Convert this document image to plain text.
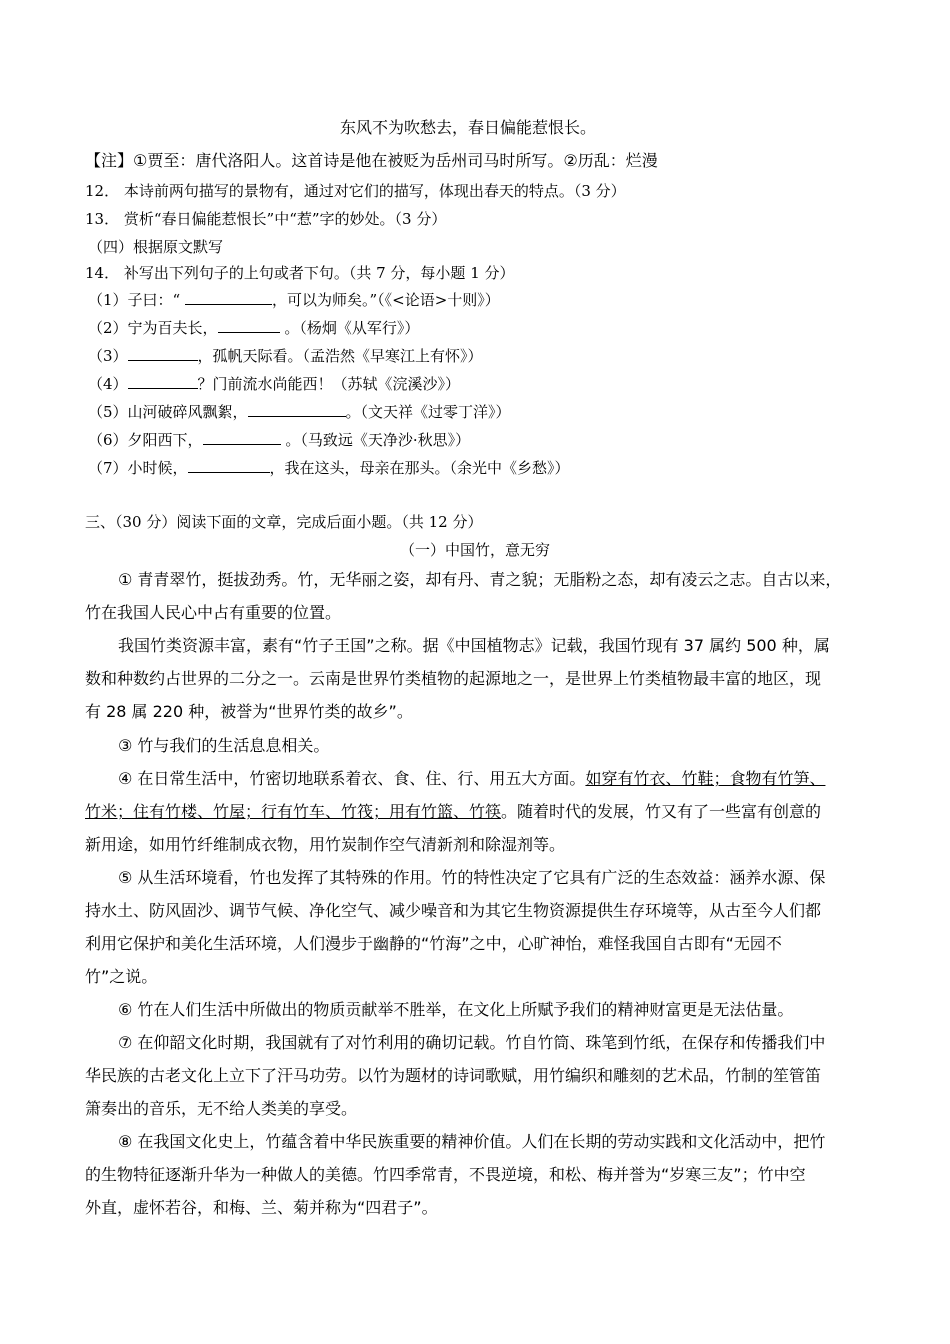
东风不为吹愁去，春日偏能惹恨长。
【注】①贾至：唐代洛阳人。这首诗是他在被贬为岳州司马时所写。②历乱：烂漫
12． 本诗前两句描写的景物有，通过对它们的描写，体现出春天的特点。（3 分）
13． 赏析“春日偏能惹恨长”中“惹”字的妙处。（3 分）
（四）根据原文默写
14． 补写出下列句子的上句或者下句。（共 7 分，每小题 1 分）
（1）子曰：“	，可以为师矣。”（《<论语>十则》）
（2）宁为百夫长，	。（杨炯《从军行》）
（3）	，孤帆天际看。（孟浩然《早寒江上有怀》）
（4）	？门前流水尚能西！（苏轼《浣溪沙》）
（5）山河破碎风飘絮，	。（文天祥《过零丁洋》）
（6）夕阳西下，	。（马致远《天净沙·秋思》）
（7）小时候，	，我在这头，母亲在那头。（余光中《乡愁》）
三、（30 分）阅读下面的文章，完成后面小题。（共 12 分）
（一）中国竹，意无穷
① 青青翠竹，挺拔劲秀。竹，无华丽之姿，却有丹、青之貌；无脂粉之态，却有凌云之志。自古以来，
竹在我国人民心中占有重要的位置。
我国竹类资源丰富，素有“竹子王国”之称。据《中国植物志》记载，我国竹现有 37 属约 500 种，属
数和种数约占世界的二分之一。云南是世界竹类植物的起源地之一，是世界上竹类植物最丰富的地区，现
有 28 属 220 种，被誉为“世界竹类的故乡”。
③ 竹与我们的生活息息相关。
④ 在日常生活中，竹密切地联系着衣、食、住、行、用五大方面。如穿有竹衣、竹鞋；食物有竹笋、
竹米；住有竹楼、竹屋；行有竹车、竹筏；用有竹篮、竹筷。随着时代的发展，竹又有了一些富有创意的
新用途，如用竹纤维制成衣物，用竹炭制作空气清新剂和除湿剂等。
⑤ 从生活环境看，竹也发挥了其特殊的作用。竹的特性决定了它具有广泛的生态效益：涵养水源、保
持水土、防风固沙、调节气候、净化空气、减少噪音和为其它生物资源提供生存环境等，从古至今人们都
利用它保护和美化生活环境，人们漫步于幽静的“竹海”之中，心旷神怡，难怪我国自古即有“无园不
竹”之说。
⑥ 竹在人们生活中所做出的物质贡献举不胜举，在文化上所赋予我们的精神财富更是无法估量。
⑦ 在仰韶文化时期，我国就有了对竹利用的确切记载。竹自竹筒、珠笔到竹纸，在保存和传播我们中
华民族的古老文化上立下了汗马功劳。以竹为题材的诗词歌赋，用竹编织和雕刻的艺术品，竹制的笙管笛
箫奏出的音乐，无不给人类美的享受。
⑧ 在我国文化史上，竹蕴含着中华民族重要的精神价值。人们在长期的劳动实践和文化活动中，把竹
的生物特征逐渐升华为一种做人的美德。竹四季常青，不畏逆境，和松、梅并誉为“岁寒三友”；竹中空
外直，虚怀若谷，和梅、兰、菊并称为“四君子”。
